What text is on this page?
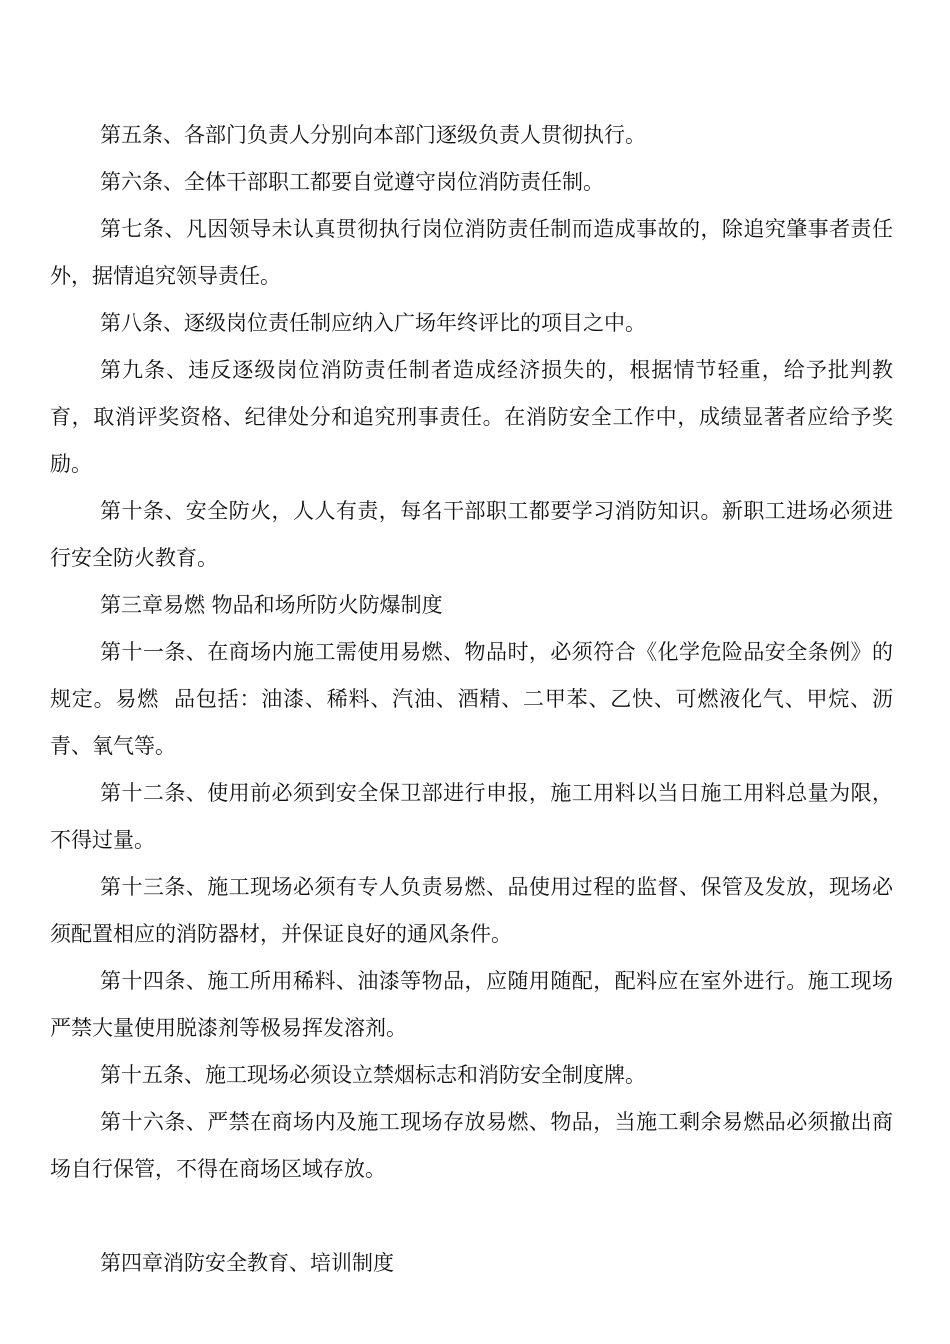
第五条、各部门负责人分别向本部门逐级负责人贯彻执行。

第六条、全体干部职工都要自觉遵守岗位消防责任制。

第七条、凡因领导未认真贯彻执行岗位消防责任制而造成事故的，除追究肇事者责任外，据情追究领导责任。

第八条、逐级岗位责任制应纳入广场年终评比的项目之中。

第九条、违反逐级岗位消防责任制者造成经济损失的，根据情节轻重，给予批判教育，取消评奖资格、纪律处分和追究刑事责任。在消防安全工作中，成绩显著者应给予奖励。

第十条、安全防火，人人有责，每名干部职工都要学习消防知识。新职工进场必须进行安全防火教育。

第三章易燃 物品和场所防火防爆制度

第十一条、在商场内施工需使用易燃、物品时，必须符合《化学危险品安全条例》的规定。易燃  品包括：油漆、稀料、汽油、酒精、二甲苯、乙快、可燃液化气、甲烷、沥青、氧气等。

第十二条、使用前必须到安全保卫部进行申报，施工用料以当日施工用料总量为限，不得过量。

第十三条、施工现场必须有专人负责易燃、品使用过程的监督、保管及发放，现场必须配置相应的消防器材，并保证良好的通风条件。

第十四条、施工所用稀料、油漆等物品，应随用随配，配料应在室外进行。施工现场严禁大量使用脱漆剂等极易挥发溶剂。

第十五条、施工现场必须设立禁烟标志和消防安全制度牌。

第十六条、严禁在商场内及施工现场存放易燃、物品，当施工剩余易燃品必须撤出商场自行保管，不得在商场区域存放。

第四章消防安全教育、培训制度
